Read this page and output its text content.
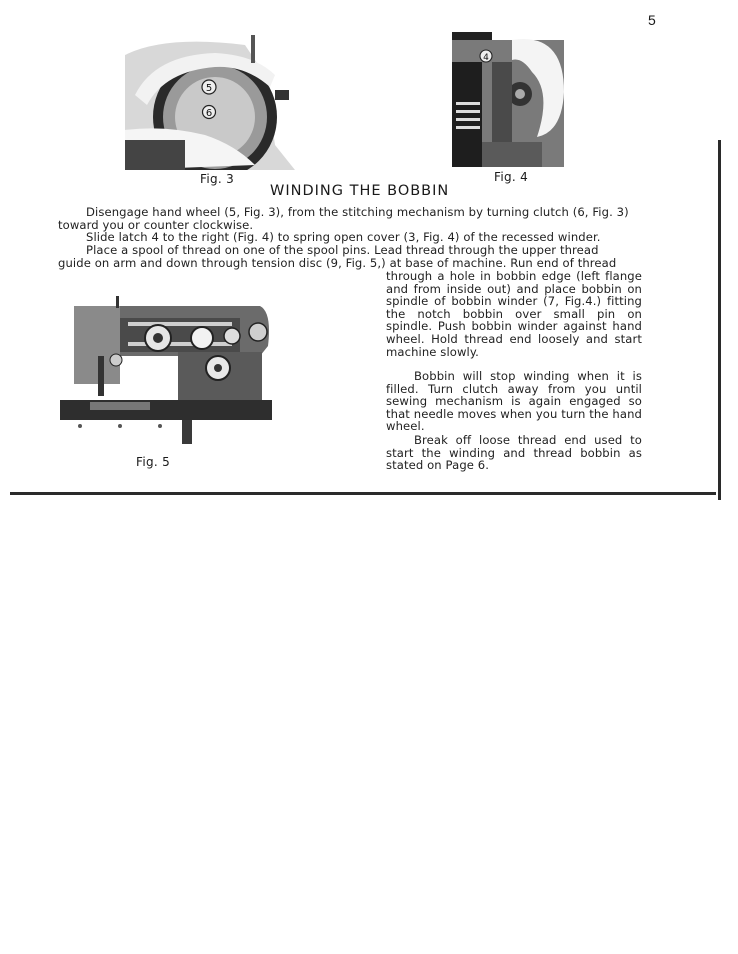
5
5
6
Fig. 3
4
Fig. 4
WINDING THE BOBBIN
Disengage hand wheel (5, Fig. 3), from the stitching mechanism by turning clutch (6, Fig. 3)
toward you or counter clockwise.
Slide latch 4 to the right (Fig. 4) to spring open cover (3, Fig. 4) of the recessed winder.
Place a spool of thread on one of the spool pins. Lead thread through the upper thread
guide on arm and down through tension disc (9, Fig. 5,) at base of machine. Run end of thread
through a hole in bobbin edge (left flange and from inside out) and place bobbin on spindle of bobbin winder (7, Fig.4.) fitting the notch bobbin over small pin on spindle. Push bobbin winder against hand wheel. Hold thread end loosely and start machine slowly.
Bobbin will stop winding when it is filled. Turn clutch away from you until sewing mechanism is again engaged so that needle moves when you turn the hand wheel.
Break off loose thread end used to start the winding and thread bobbin as stated on Page 6.
Fig. 5
